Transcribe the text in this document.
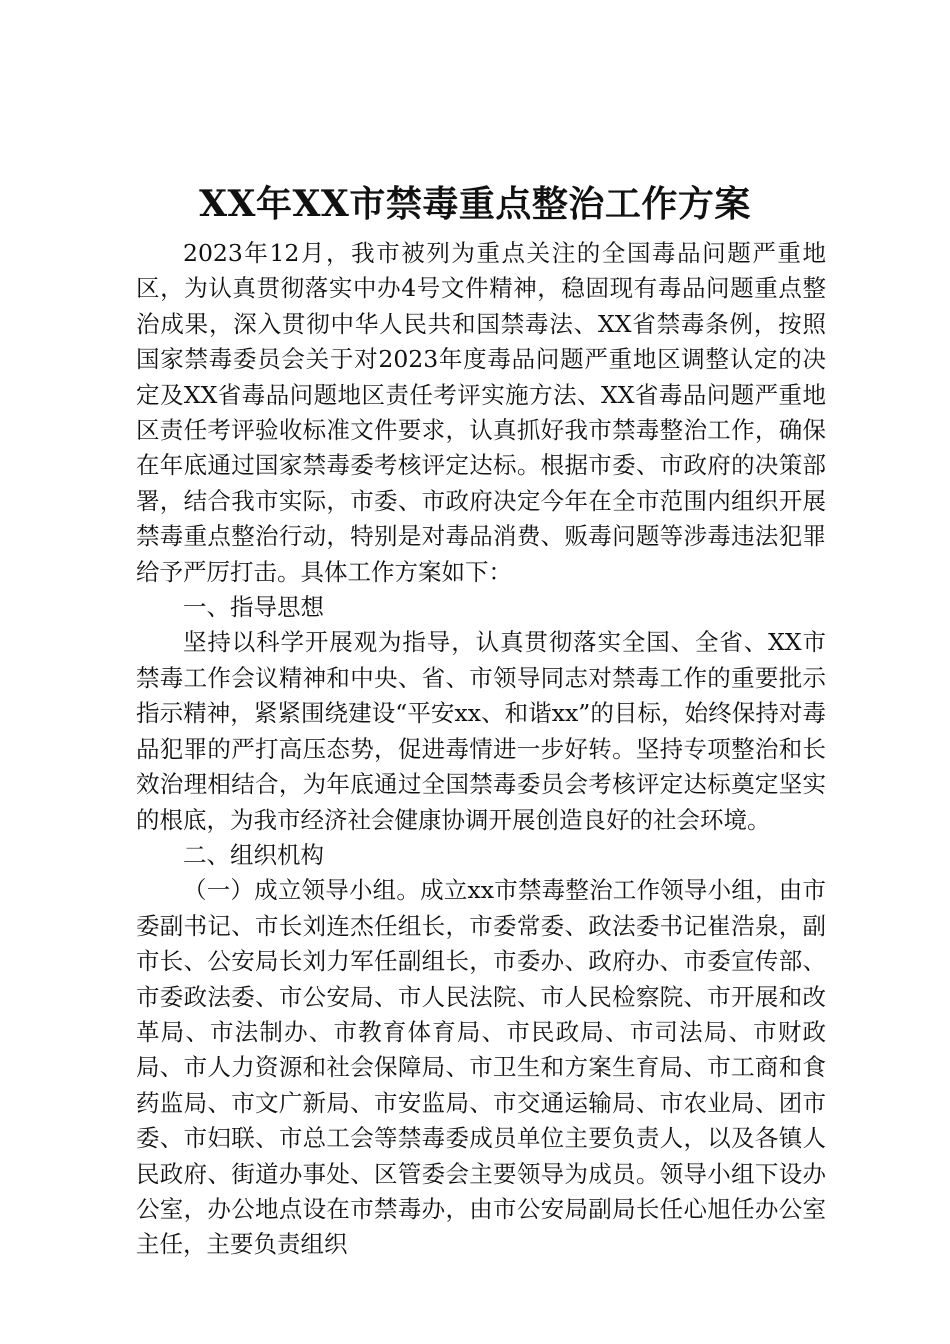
XX年XX市禁毒重点整治工作方案

2023年12月，我市被列为重点关注的全国毒品问题严重地区，为认真贯彻落实中办4号文件精神，稳固现有毒品问题重点整治成果，深入贯彻中华人民共和国禁毒法、XX省禁毒条例，按照国家禁毒委员会关于对2023年度毒品问题严重地区调整认定的决定及XX省毒品问题地区责任考评实施方法、XX省毒品问题严重地区责任考评验收标准文件要求，认真抓好我市禁毒整治工作，确保在年底通过国家禁毒委考核评定达标。根据市委、市政府的决策部署，结合我市实际，市委、市政府决定今年在全市范围内组织开展禁毒重点整治行动，特别是对毒品消费、贩毒问题等涉毒违法犯罪给予严厉打击。具体工作方案如下：

一、指导思想

坚持以科学开展观为指导，认真贯彻落实全国、全省、XX市禁毒工作会议精神和中央、省、市领导同志对禁毒工作的重要批示指示精神，紧紧围绕建设“平安xx、和谐xx”的目标，始终保持对毒品犯罪的严打高压态势，促进毒情进一步好转。坚持专项整治和长效治理相结合，为年底通过全国禁毒委员会考核评定达标奠定坚实的根底，为我市经济社会健康协调开展创造良好的社会环境。

二、组织机构

（一）成立领导小组。成立xx市禁毒整治工作领导小组，由市委副书记、市长刘连杰任组长，市委常委、政法委书记崔浩泉，副市长、公安局长刘力军任副组长，市委办、政府办、市委宣传部、市委政法委、市公安局、市人民法院、市人民检察院、市开展和改革局、市法制办、市教育体育局、市民政局、市司法局、市财政局、市人力资源和社会保障局、市卫生和方案生育局、市工商和食药监局、市文广新局、市安监局、市交通运输局、市农业局、团市委、市妇联、市总工会等禁毒委成员单位主要负责人，以及各镇人民政府、街道办事处、区管委会主要领导为成员。领导小组下设办公室，办公地点设在市禁毒办，由市公安局副局长任心旭任办公室主任，主要负责组织
